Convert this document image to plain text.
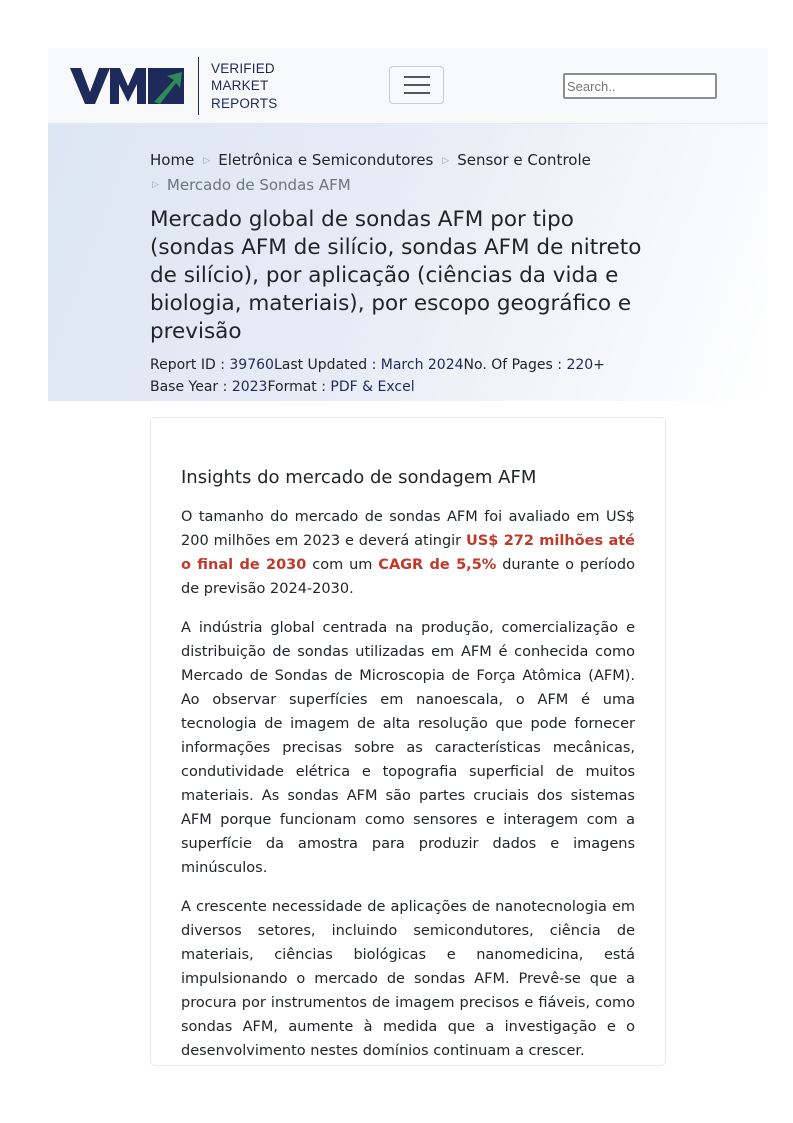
VERIFIED
MARKET
REPORTS
Search..
Home ▷ Eletrônica e Semicondutores ▷ Sensor e Controle
▷ Mercado de Sondas AFM
Mercado global de sondas AFM por tipo (sondas AFM de silício, sondas AFM de nitreto de silício), por aplicação (ciências da vida e biologia, materiais), por escopo geográfico e previsão
Report ID : 39760Last Updated : March 2024No. Of Pages : 220+
Base Year : 2023Format : PDF & Excel
Insights do mercado de sondagem AFM

O tamanho do mercado de sondas AFM foi avaliado em US$ 200 milhões em 2023 e deverá atingir US$ 272 milhões até o final de 2030 com um CAGR de 5,5% durante o período de previsão 2024-2030.

A indústria global centrada na produção, comercialização e distribuição de sondas utilizadas em AFM é conhecida como Mercado de Sondas de Microscopia de Força Atômica (AFM). Ao observar superfícies em nanoescala, o AFM é uma tecnologia de imagem de alta resolução que pode fornecer informações precisas sobre as características mecânicas, condutividade elétrica e topografia superficial de muitos materiais. As sondas AFM são partes cruciais dos sistemas AFM porque funcionam como sensores e interagem com a superfície da amostra para produzir dados e imagens minúsculos.

A crescente necessidade de aplicações de nanotecnologia em diversos setores, incluindo semicondutores, ciência de materiais, ciências biológicas e nanomedicina, está impulsionando o mercado de sondas AFM. Prevê-se que a procura por instrumentos de imagem precisos e fiáveis, como sondas AFM, aumente à medida que a investigação e o desenvolvimento nestes domínios continuam a crescer.
